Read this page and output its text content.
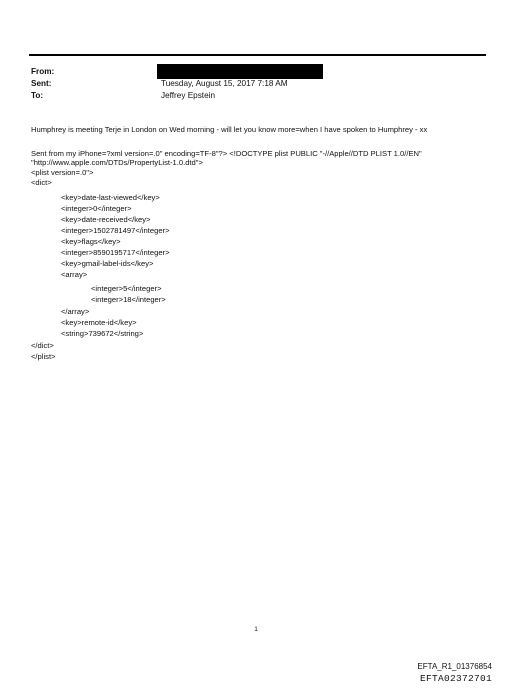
From:
Sent:
To:
Tuesday, August 15, 2017 7:18 AM
Jeffrey Epstein
Humphrey is meeting Terje in London on Wed morning - will let you know more=when I have spoken to Humphrey - xx
Sent from my iPhone=?xml version=.0" encoding=TF-8"?> <!DOCTYPE plist PUBLIC "-//Apple//DTD PLIST 1.0//EN"
"http://www.apple.com/DTDs/PropertyList-1.0.dtd">
<plist version=.0">
<dict>
<key>date-last-viewed</key>
<integer>0</integer>
<key>date-received</key>
<integer>1502781497</integer>
<key>flags</key>
<integer>8590195717</integer>
<key>gmail-label-ids</key>
<array>
<integer>5</integer>
<integer>18</integer>
</array>
<key>remote-id</key>
<string>739672</string>
</dict>
</plist>
1
EFTA_R1_01376854
EFTA02372701
